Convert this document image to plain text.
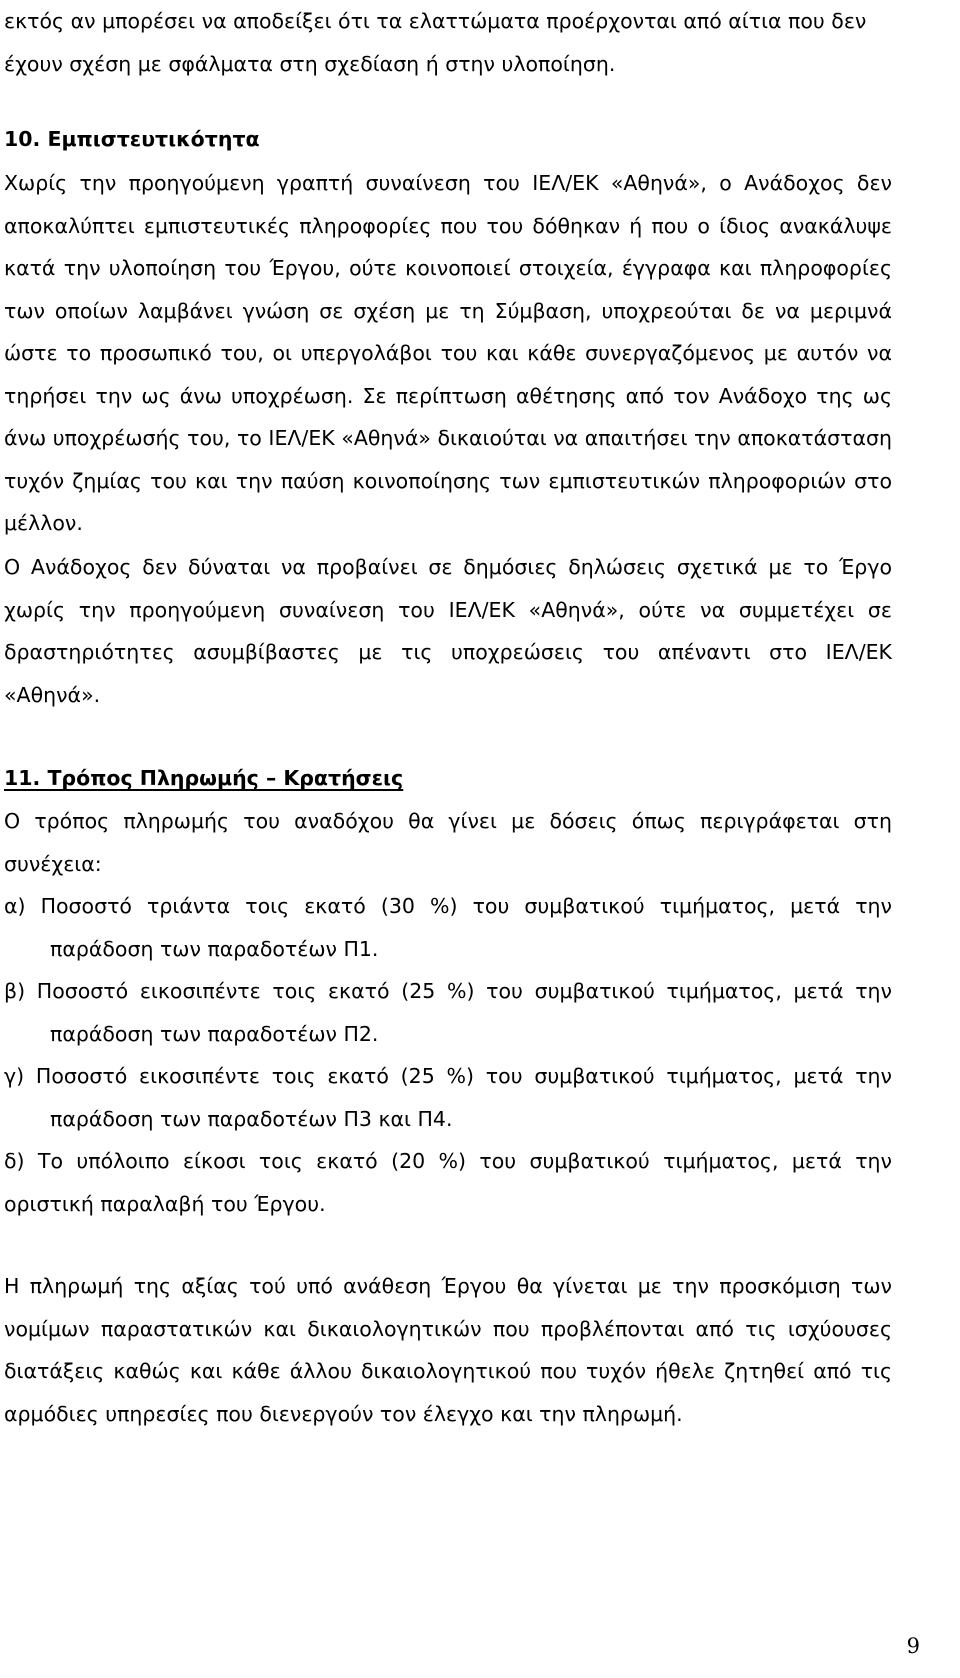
εκτός αν μπορέσει να αποδείξει ότι τα ελαττώματα προέρχονται από αίτια που δεν
έχουν σχέση με σφάλματα στη σχεδίαση ή στην υλοποίηση.

10. Εμπιστευτικότητα

Χωρίς την προηγούμενη γραπτή συναίνεση του ΙΕΛ/ΕΚ «Αθηνά», ο Ανάδοχος δεν αποκαλύπτει εμπιστευτικές πληροφορίες που του δόθηκαν ή που ο ίδιος ανακάλυψε κατά την υλοποίηση του Έργου, ούτε κοινοποιεί στοιχεία, έγγραφα και πληροφορίες των οποίων λαμβάνει γνώση σε σχέση με τη Σύμβαση, υποχρεούται δε να μεριμνά ώστε το προσωπικό του, οι υπεργολάβοι του και κάθε συνεργαζόμενος με αυτόν να τηρήσει την ως άνω υποχρέωση. Σε περίπτωση αθέτησης από τον Ανάδοχο της ως άνω υποχρέωσής του, το ΙΕΛ/ΕΚ «Αθηνά» δικαιούται να απαιτήσει την αποκατάσταση τυχόν ζημίας του και την παύση κοινοποίησης των εμπιστευτικών πληροφοριών στο μέλλον.

Ο Ανάδοχος δεν δύναται να προβαίνει σε δημόσιες δηλώσεις σχετικά με το Έργο χωρίς την προηγούμενη συναίνεση του ΙΕΛ/ΕΚ «Αθηνά», ούτε να συμμετέχει σε δραστηριότητες ασυμβίβαστες με τις υποχρεώσεις του απέναντι στο ΙΕΛ/ΕΚ «Αθηνά».

11. Τρόπος Πληρωμής – Κρατήσεις

Ο τρόπος πληρωμής του αναδόχου θα γίνει με δόσεις όπως περιγράφεται στη συνέχεια:

α) Ποσοστό τριάντα τοις εκατό (30 %) του συμβατικού τιμήματος, μετά την
παράδοση των παραδοτέων Π1.
β) Ποσοστό εικοσιπέντε τοις εκατό (25 %) του συμβατικού τιμήματος, μετά την
παράδοση των παραδοτέων Π2.
γ) Ποσοστό εικοσιπέντε τοις εκατό (25 %) του συμβατικού τιμήματος, μετά την
παράδοση των παραδοτέων Π3 και Π4.

δ) Το υπόλοιπο είκοσι τοις εκατό (20 %) του συμβατικού τιμήματος, μετά την οριστική παραλαβή του Έργου.

Η πληρωμή της αξίας τού υπό ανάθεση Έργου θα γίνεται με την προσκόμιση των νομίμων παραστατικών και δικαιολογητικών που προβλέπονται από τις ισχύουσες διατάξεις καθώς και κάθε άλλου δικαιολογητικού που τυχόν ήθελε ζητηθεί από τις αρμόδιες υπηρεσίες που διενεργούν τον έλεγχο και την πληρωμή.

9
